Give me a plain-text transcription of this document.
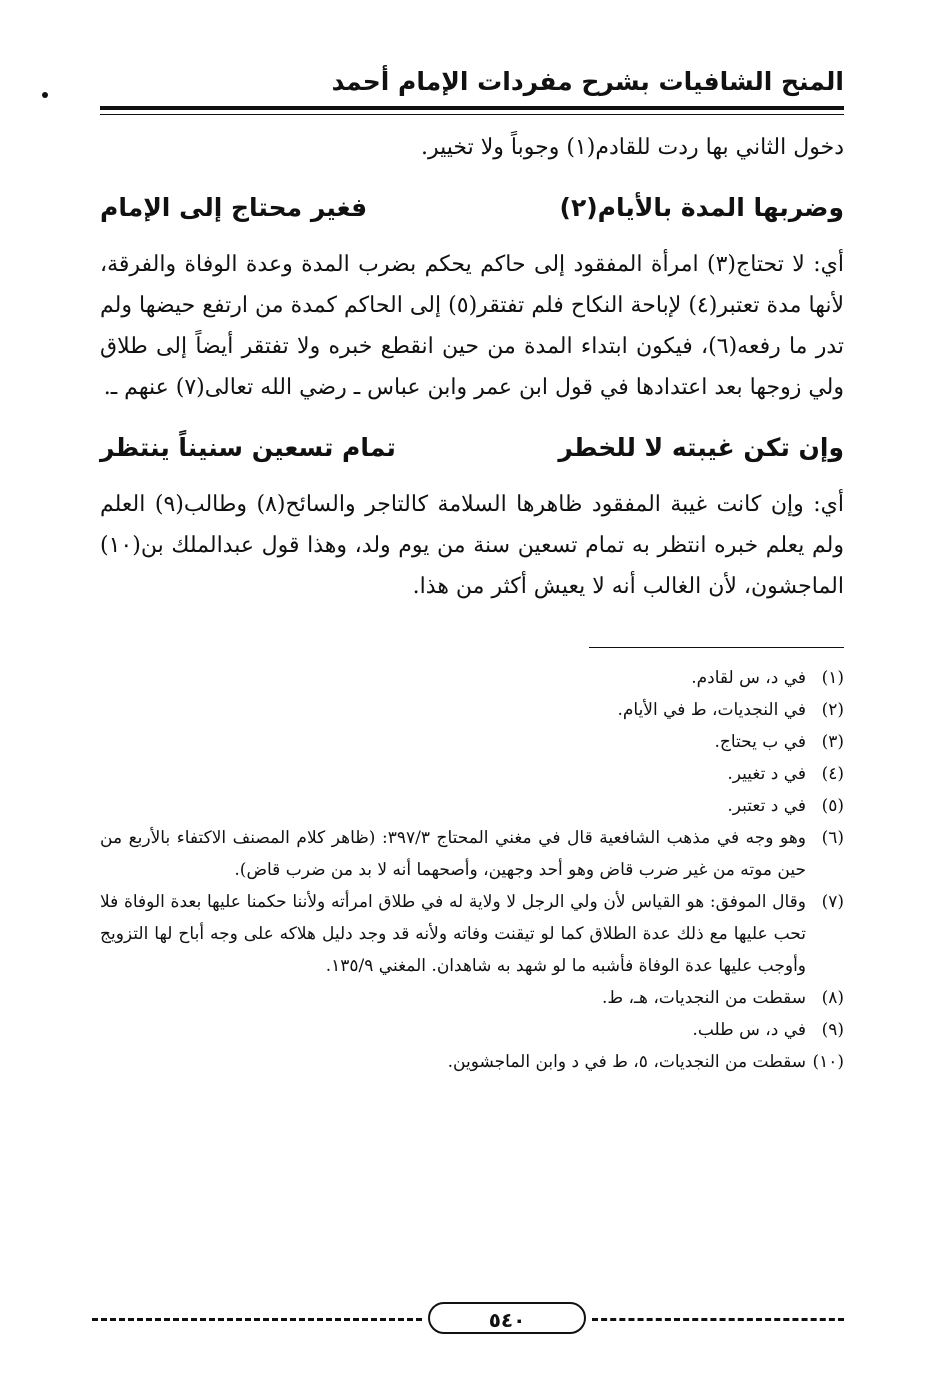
المنح الشافيات بشرح مفردات الإمام أحمد

دخول الثاني بها ردت للقادم(١) وجوباً ولا تخيير.

وضربها المدة بالأيام(٢)
فغير محتاج إلى الإمام

أي: لا تحتاج(٣) امرأة المفقود إلى حاكم يحكم بضرب المدة وعدة الوفاة والفرقة، لأنها مدة تعتبر(٤) لإباحة النكاح فلم تفتقر(٥) إلى الحاكم كمدة من ارتفع حيضها ولم تدر ما رفعه(٦)، فيكون ابتداء المدة من حين انقطع خبره ولا تفتقر أيضاً إلى طلاق ولي زوجها بعد اعتدادها في قول ابن عمر وابن عباس ـ رضي الله تعالى(٧) عنهم ـ.

وإن تكن غيبته لا للخطر
تمام تسعين سنيناً ينتظر

أي: وإن كانت غيبة المفقود ظاهرها السلامة كالتاجر والسائح(٨) وطالب(٩) العلم ولم يعلم خبره انتظر به تمام تسعين سنة من يوم ولد، وهذا قول عبدالملك بن(١٠) الماجشون، لأن الغالب أنه لا يعيش أكثر من هذا.

(١)
في د، س لقادم.
(٢)
في النجديات، ط في الأيام.
(٣)
في ب يحتاج.
(٤)
في د تغيير.
(٥)
في د تعتبر.
(٦)
وهو وجه في مذهب الشافعية قال في مغني المحتاج ٣٩٧/٣: (ظاهر كلام المصنف الاكتفاء بالأربع من حين موته من غير ضرب قاض وهو أحد وجهين، وأصحهما أنه لا بد من ضرب قاض).
(٧)
وقال الموفق: هو القياس لأن ولي الرجل لا ولاية له في طلاق امرأته ولأننا حكمنا عليها بعدة الوفاة فلا تحب عليها مع ذلك عدة الطلاق كما لو تيقنت وفاته ولأنه قد وجد دليل هلاكه على وجه أباح لها التزويج وأوجب عليها عدة الوفاة فأشبه ما لو شهد به شاهدان. المغني ١٣٥/٩.
(٨)
سقطت من النجديات، هـ، ط.
(٩)
في د، س طلب.
(١٠)
سقطت من النجديات، ٥، ط في د وابن الماجشوين.
٥٤٠
